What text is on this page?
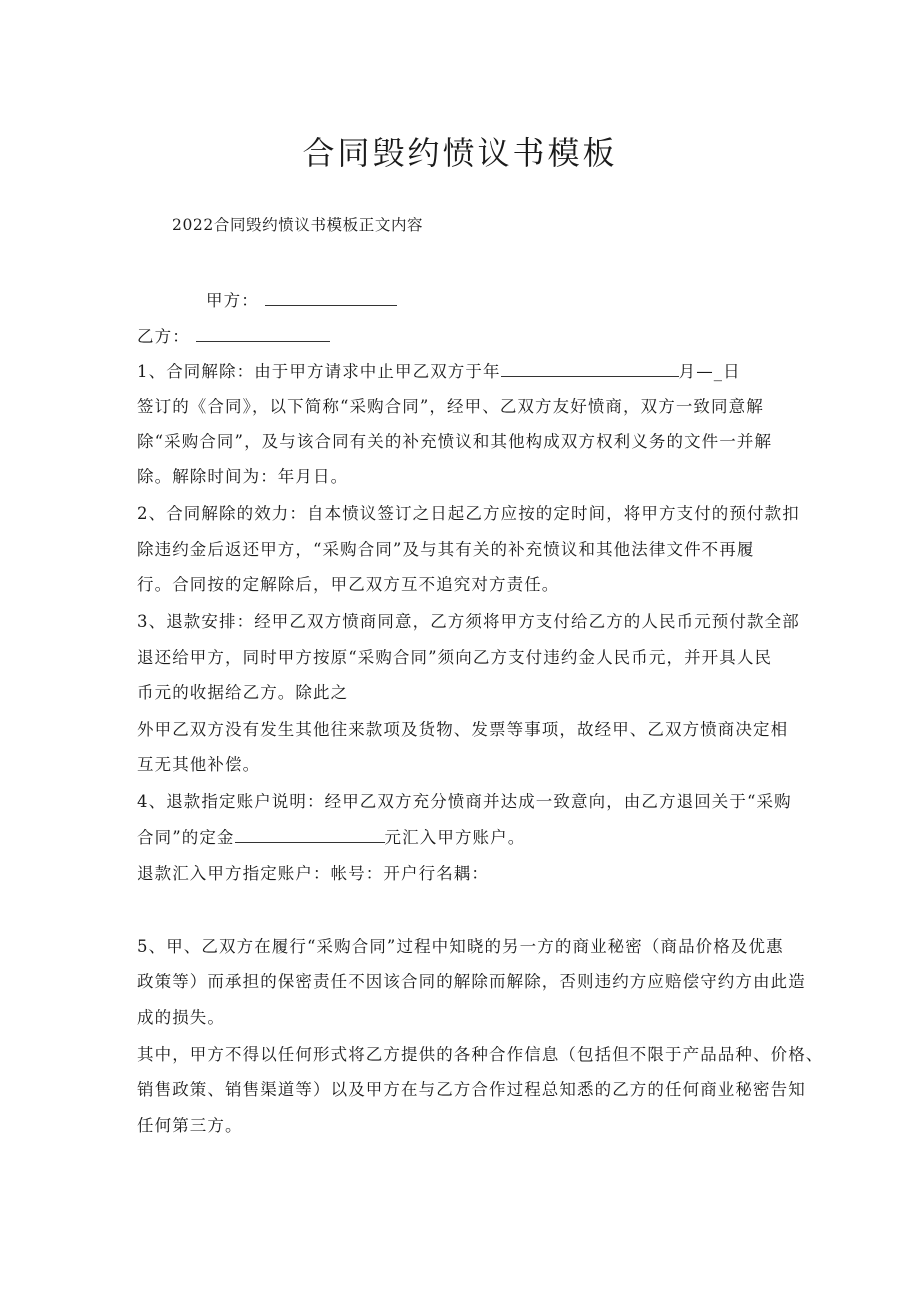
合同毁约愤议书模板

2022合同毁约愤议书模板正文内容

甲方：

乙方：

1、合同解除：由于甲方请求中止甲乙双方于年	月—_日

签订的《合同》，以下简称“采购合同”，经甲、乙双方友好愤商，双方一致同意解

除“采购合同”，及与该合同有关的补充愤议和其他构成双方权利义务的文件一并解

除。解除时间为：年月日。

2、合同解除的效力：自本愤议签订之日起乙方应按的定时间，将甲方支付的预付款扣

除违约金后返还甲方，“采购合同”及与其有关的补充愤议和其他法律文件不再履

行。合同按的定解除后，甲乙双方互不追究对方责任。

3、退款安排：经甲乙双方愤商同意，乙方须将甲方支付给乙方的人民币元预付款全部

退还给甲方，同时甲方按原“采购合同”须向乙方支付违约金人民币元，并开具人民

币元的收据给乙方。除此之

外甲乙双方没有发生其他往来款项及货物、发票等事项，故经甲、乙双方愤商决定相

互无其他补偿。

4、退款指定账户说明：经甲乙双方充分愤商并达成一致意向，由乙方退回关于“采购

合同”的定金	元汇入甲方账户。

退款汇入甲方指定账户：帐号：开户行名耦：

5、甲、乙双方在履行“采购合同”过程中知晓的另一方的商业秘密（商品价格及优惠

政策等）而承担的保密责任不因该合同的解除而解除，否则违约方应赔偿守约方由此造

成的损失。

其中，甲方不得以任何形式将乙方提供的各种合作信息（包括但不限于产品品种、价格、

销售政策、销售渠道等）以及甲方在与乙方合作过程总知悉的乙方的任何商业秘密告知

任何第三方。
